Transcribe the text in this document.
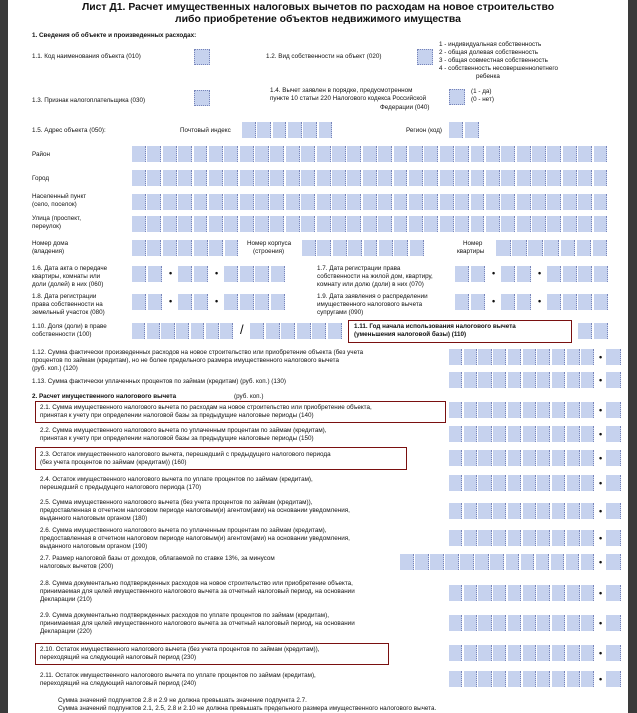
Лист Д1. Расчет имущественных налоговых вычетов по расходам на новое строительство
либо приобретение объектов недвижимого имущества
1. Сведения об объекте и произведенных расходах:
1.1. Код наименования объекта (010)	1.2. Вид собственности на объект (020)
1 - индивидуальная собственность
2 - общая долевая собственность
3 - общая совместная собственность
4 - собственность несовершеннолетнего
ребенка
1.3. Признак налогоплательщика (030)
1.4. Вычет заявлен в порядке, предусмотренном
пункте 10 статьи 220 Налогового кодекса Российской
Федерации (040)
(1 - да)
(0 - нет)
1.5. Адрес объекта (050):	Почтовый индекс	Регион (код)
Район
Город
Населенный пункт
(село, поселок)
Улица (проспект,
переулок)
Номер дома
(владения)
Номер корпуса
(строения)
Номер
квартиры
1.6. Дата акта о передаче
квартиры, комнаты или
доли (долей) в них (060)
•	•	1.7. Дата регистрации права
собственности на жилой дом, квартиру,
комнату или долю (доли) в них (070)
•	•
1.8. Дата регистрации
права собственности на
земельный участок (080)
•	•	1.9. Дата заявления о распределении
имущественного налогового вычета
супругами (090)
•	•
1.10. Доля (доли) в праве
собственности (100)	/	1.11. Год начала использования налогового вычета
(уменьшения налоговой базы) (110)
1.12. Сумма фактически произведенных расходов на новое строительство или приобретение объекта (без учета
процентов по займам (кредитам), но не более предельного размера имущественного налогового вычета
(руб. коп.) (120)
•
1.13. Сумма фактически уплаченных процентов по займам (кредитам) (руб. коп.) (130)	•
2. Расчет имущественного налогового вычета	(руб. коп.)
2.1. Сумма имущественного налогового вычета по расходам на новое строительство или приобретение объекта,
принятая к учету при определении налоговой базы за предыдущие налоговые периоды (140)
•
2.2. Сумма имущественного налогового вычета по уплаченным процентам по займам (кредитам),
принятая к учету при определении налоговой базы за предыдущие налоговые периоды (150)	•
2.3. Остаток имущественного налогового вычета, перешедший с предыдущего налогового периода
(без учета процентов по займам (кредитам)) (160)	•
2.4. Остаток имущественного налогового вычета по уплате процентов по займам (кредитам),
перешедший с предыдущего налогового периода (170)	•
2.5. Сумма имущественного налогового вычета (без учета процентов по займам (кредитам)),
предоставленная в отчетном налоговом периоде налоговым(и) агентом(ами) на основании уведомления,
выданного налоговым органом (180)
•
2.6. Сумма имущественного налогового вычета по уплаченным процентам по займам (кредитам),
предоставленная в отчетном налоговом периоде налоговым(и) агентом(ами) на основании уведомления,
выданного налоговым органом (190)
•
2.7. Размер налоговой базы от доходов, облагаемой по ставке 13%, за минусом
налоговых вычетов (200)	•
2.8. Сумма документально подтвержденных расходов на новое строительство или приобретение объекта,
принимаемая для целей имущественного налогового вычета за отчетный налоговый период, на основании
Декларации (210)
•
2.9. Сумма документально подтвержденных расходов по уплате процентов по займам (кредитам),
принимаемая для целей имущественного налогового вычета за отчетный налоговый период, на основании
Декларации (220)
•
2.10. Остаток имущественного налогового вычета (без учета процентов по займам (кредитам)),
переходящий на следующий налоговый период (230)	•
2.11. Остаток имущественного налогового вычета по уплате процентов по займам (кредитам),
переходящий на следующий налоговый период (240)	•
Сумма значений подпунктов 2.8 и 2.9 не должна превышать значение подпункта 2.7.
Сумма значений подпунктов 2.1, 2.5, 2.8 и 2.10 не должна превышать предельного размера имущественного налогового вычета.
